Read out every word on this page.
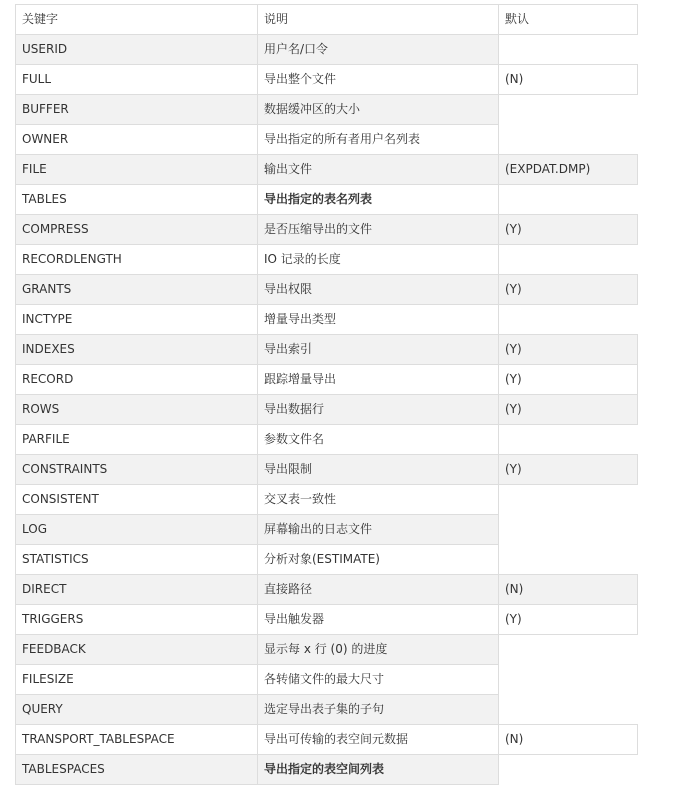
关键字	说明	默认
USERID	用户名/口令
FULL	导出整个文件	(N)
BUFFER	数据缓冲区的大小
OWNER	导出指定的所有者用户名列表
FILE	输出文件	(EXPDAT.DMP)
TABLES	导出指定的表名列表
COMPRESS	是否压缩导出的文件	(Y)
RECORDLENGTH	IO 记录的长度
GRANTS	导出权限	(Y)
INCTYPE	增量导出类型
INDEXES	导出索引	(Y)
RECORD	跟踪增量导出	(Y)
ROWS	导出数据行	(Y)
PARFILE	参数文件名
CONSTRAINTS	导出限制	(Y)
CONSISTENT	交叉表一致性
LOG	屏幕输出的日志文件
STATISTICS	分析对象(ESTIMATE)
DIRECT	直接路径	(N)
TRIGGERS	导出触发器	(Y)
FEEDBACK	显示每 x 行 (0) 的进度
FILESIZE	各转储文件的最大尺寸
QUERY	选定导出表子集的子句
TRANSPORT_TABLESPACE	导出可传输的表空间元数据	(N)
TABLESPACES	导出指定的表空间列表
